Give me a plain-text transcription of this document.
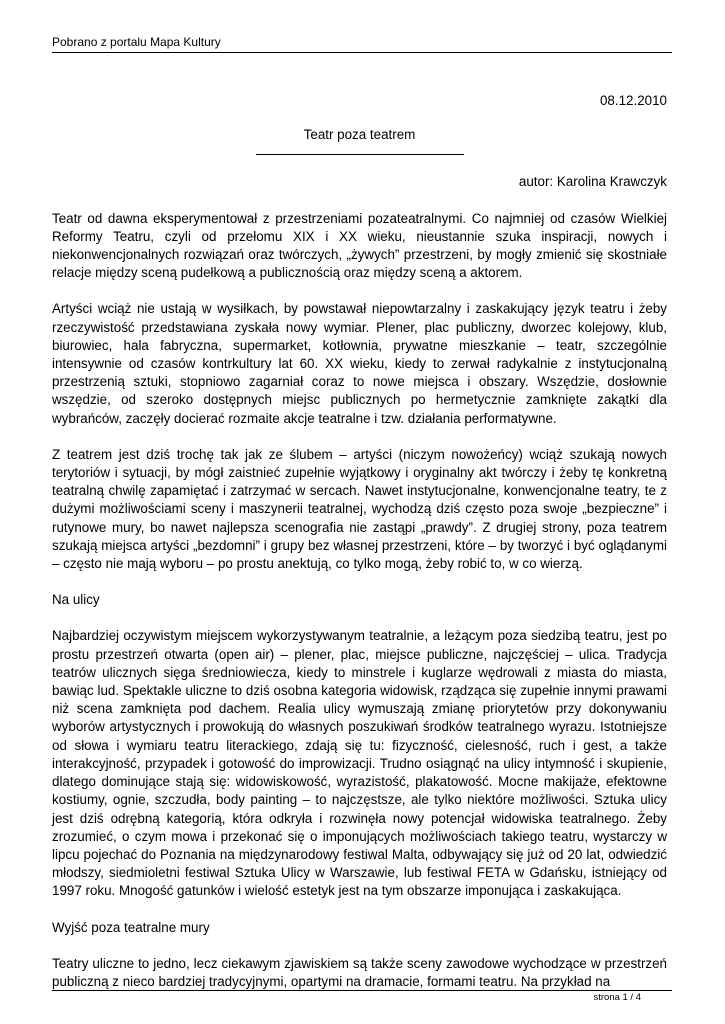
Pobrano z portalu Mapa Kultury
08.12.2010
Teatr poza teatrem
autor: Karolina Krawczyk

Teatr od dawna eksperymentował z przestrzeniami pozateatralnymi. Co najmniej od czasów Wielkiej Reformy Teatru, czyli od przełomu XIX i XX wieku, nieustannie szuka inspiracji, nowych i niekonwencjonalnych rozwiązań oraz twórczych, „żywych” przestrzeni, by mogły zmienić się skostniałe relacje między sceną pudełkową a publicznością oraz między sceną a aktorem.

Artyści wciąż nie ustają w wysiłkach, by powstawał niepowtarzalny i zaskakujący język teatru i żeby rzeczywistość przedstawiana zyskała nowy wymiar. Plener, plac publiczny, dworzec kolejowy, klub, biurowiec, hala fabryczna, supermarket, kotłownia, prywatne mieszkanie – teatr, szczególnie intensywnie od czasów kontrkultury lat 60. XX wieku, kiedy to zerwał radykalnie z instytucjonalną przestrzenią sztuki, stopniowo zagarniał coraz to nowe miejsca i obszary. Wszędzie, dosłownie wszędzie, od szeroko dostępnych miejsc publicznych po hermetycznie zamknięte zakątki dla wybrańców, zaczęły docierać rozmaite akcje teatralne i tzw. działania performatywne.

Z teatrem jest dziś trochę tak jak ze ślubem – artyści (niczym nowożeńcy) wciąż szukają nowych terytoriów i sytuacji, by mógł zaistnieć zupełnie wyjątkowy i oryginalny akt twórczy i żeby tę konkretną teatralną chwilę zapamiętać i zatrzymać w sercach. Nawet instytucjonalne, konwencjonalne teatry, te z dużymi możliwościami sceny i maszynerii teatralnej, wychodzą dziś często poza swoje „bezpieczne” i rutynowe mury, bo nawet najlepsza scenografia nie zastąpi „prawdy”. Z drugiej strony, poza teatrem szukają miejsca artyści „bezdomni” i grupy bez własnej przestrzeni, które – by tworzyć i być oglądanymi – często nie mają wyboru – po prostu anektują, co tylko mogą, żeby robić to, w co wierzą.

Na ulicy

Najbardziej oczywistym miejscem wykorzystywanym teatralnie, a leżącym poza siedzibą teatru, jest po prostu przestrzeń otwarta (open air) – plener, plac, miejsce publiczne, najczęściej – ulica. Tradycja teatrów ulicznych sięga średniowiecza, kiedy to minstrele i kuglarze wędrowali z miasta do miasta, bawiąc lud. Spektakle uliczne to dziś osobna kategoria widowisk, rządząca się zupełnie innymi prawami niż scena zamknięta pod dachem. Realia ulicy wymuszają zmianę priorytetów przy dokonywaniu wyborów artystycznych i prowokują do własnych poszukiwań środków teatralnego wyrazu. Istotniejsze od słowa i wymiaru teatru literackiego, zdają się tu: fizyczność, cielesność, ruch i gest, a także interakcyjność, przypadek i gotowość do improwizacji. Trudno osiągnąć na ulicy intymność i skupienie, dlatego dominujące stają się: widowiskowość, wyrazistość, plakatowość. Mocne makijaże, efektowne kostiumy, ognie, szczudła, body painting – to najczęstsze, ale tylko niektóre możliwości. Sztuka ulicy jest dziś odrębną kategorią, która odkryła i rozwinęła nowy potencjał widowiska teatralnego. Żeby zrozumieć, o czym mowa i przekonać się o imponujących możliwościach takiego teatru, wystarczy w lipcu pojechać do Poznania na międzynarodowy festiwal Malta, odbywający się już od 20 lat, odwiedzić młodszy, siedmioletni festiwal Sztuka Ulicy w Warszawie, lub festiwal FETA w Gdańsku, istniejący od 1997 roku. Mnogość gatunków i wielość estetyk jest na tym obszarze imponująca i zaskakująca.

Wyjść poza teatralne mury

Teatry uliczne to jedno, lecz ciekawym zjawiskiem są także sceny zawodowe wychodzące w przestrzeń publiczną z nieco bardziej tradycyjnymi, opartymi na dramacie, formami teatru. Na przykład na

strona 1 / 4
